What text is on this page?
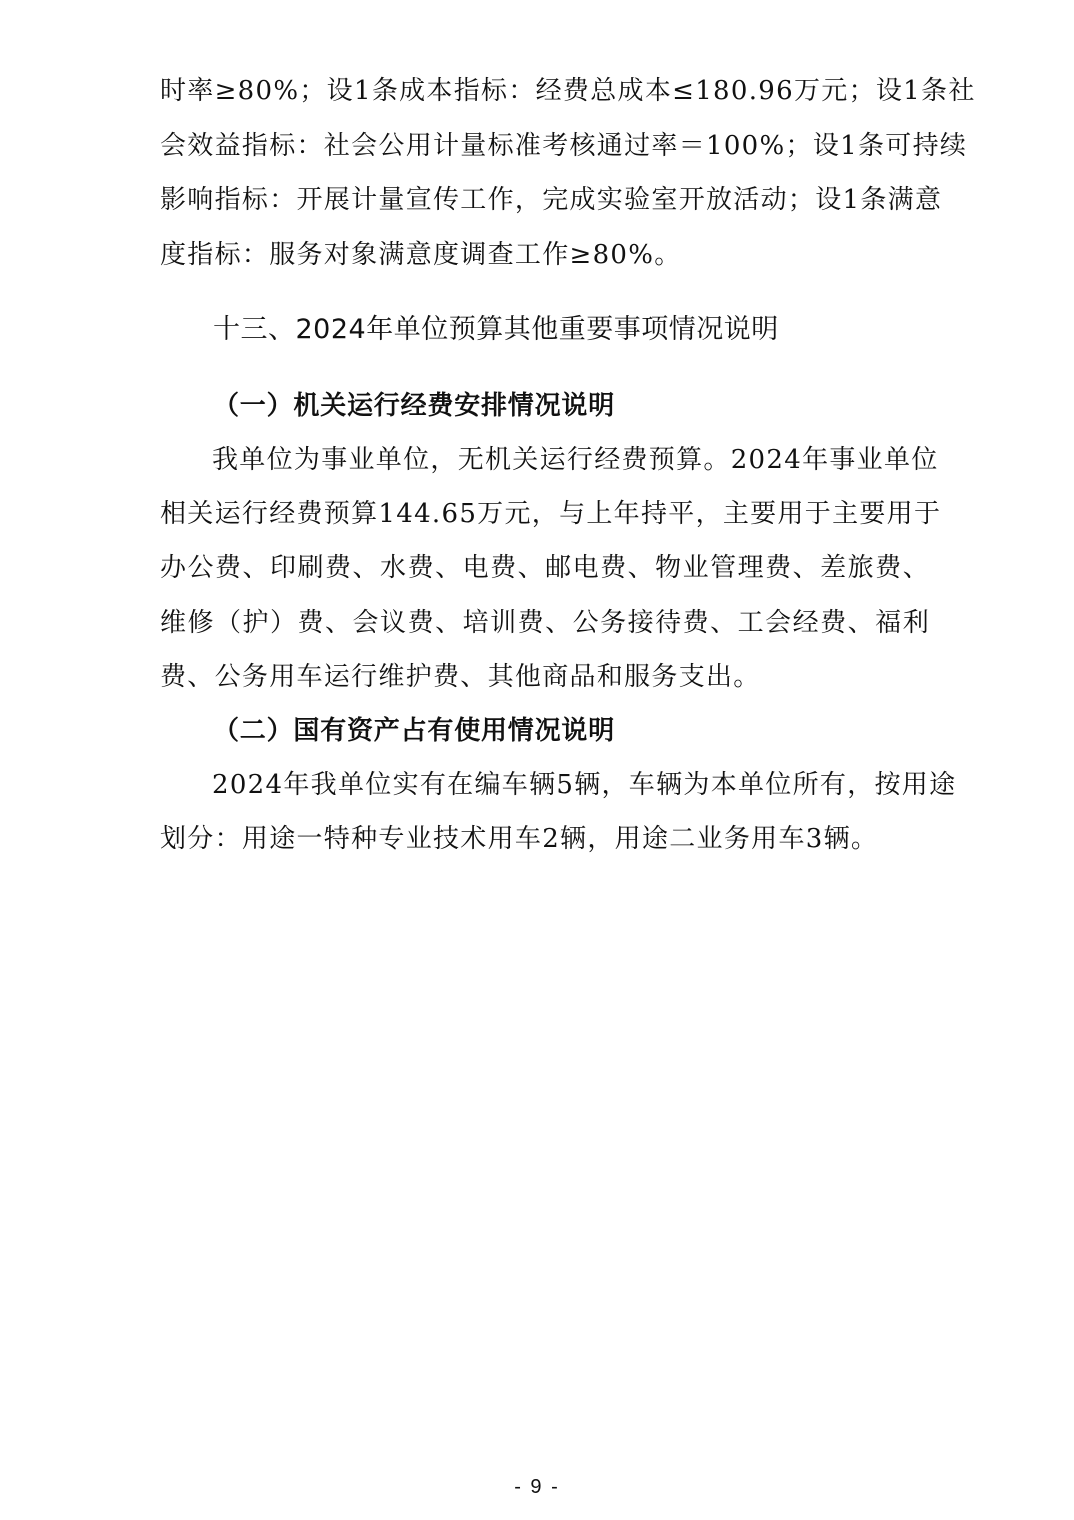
时率≥80%；设1条成本指标：经费总成本≤180.96万元；设1条社
会效益指标：社会公用计量标准考核通过率＝100%；设1条可持续
影响指标：开展计量宣传工作，完成实验室开放活动；设1条满意
度指标：服务对象满意度调查工作≥80%。
十三、2024年单位预算其他重要事项情况说明
（一）机关运行经费安排情况说明
我单位为事业单位，无机关运行经费预算。2024年事业单位
相关运行经费预算144.65万元，与上年持平，主要用于主要用于
办公费、印刷费、水费、电费、邮电费、物业管理费、差旅费、
维修（护）费、会议费、培训费、公务接待费、工会经费、福利
费、公务用车运行维护费、其他商品和服务支出。
（二）国有资产占有使用情况说明
2024年我单位实有在编车辆5辆，车辆为本单位所有，按用途
划分：用途一特种专业技术用车2辆，用途二业务用车3辆。
- 9 -
